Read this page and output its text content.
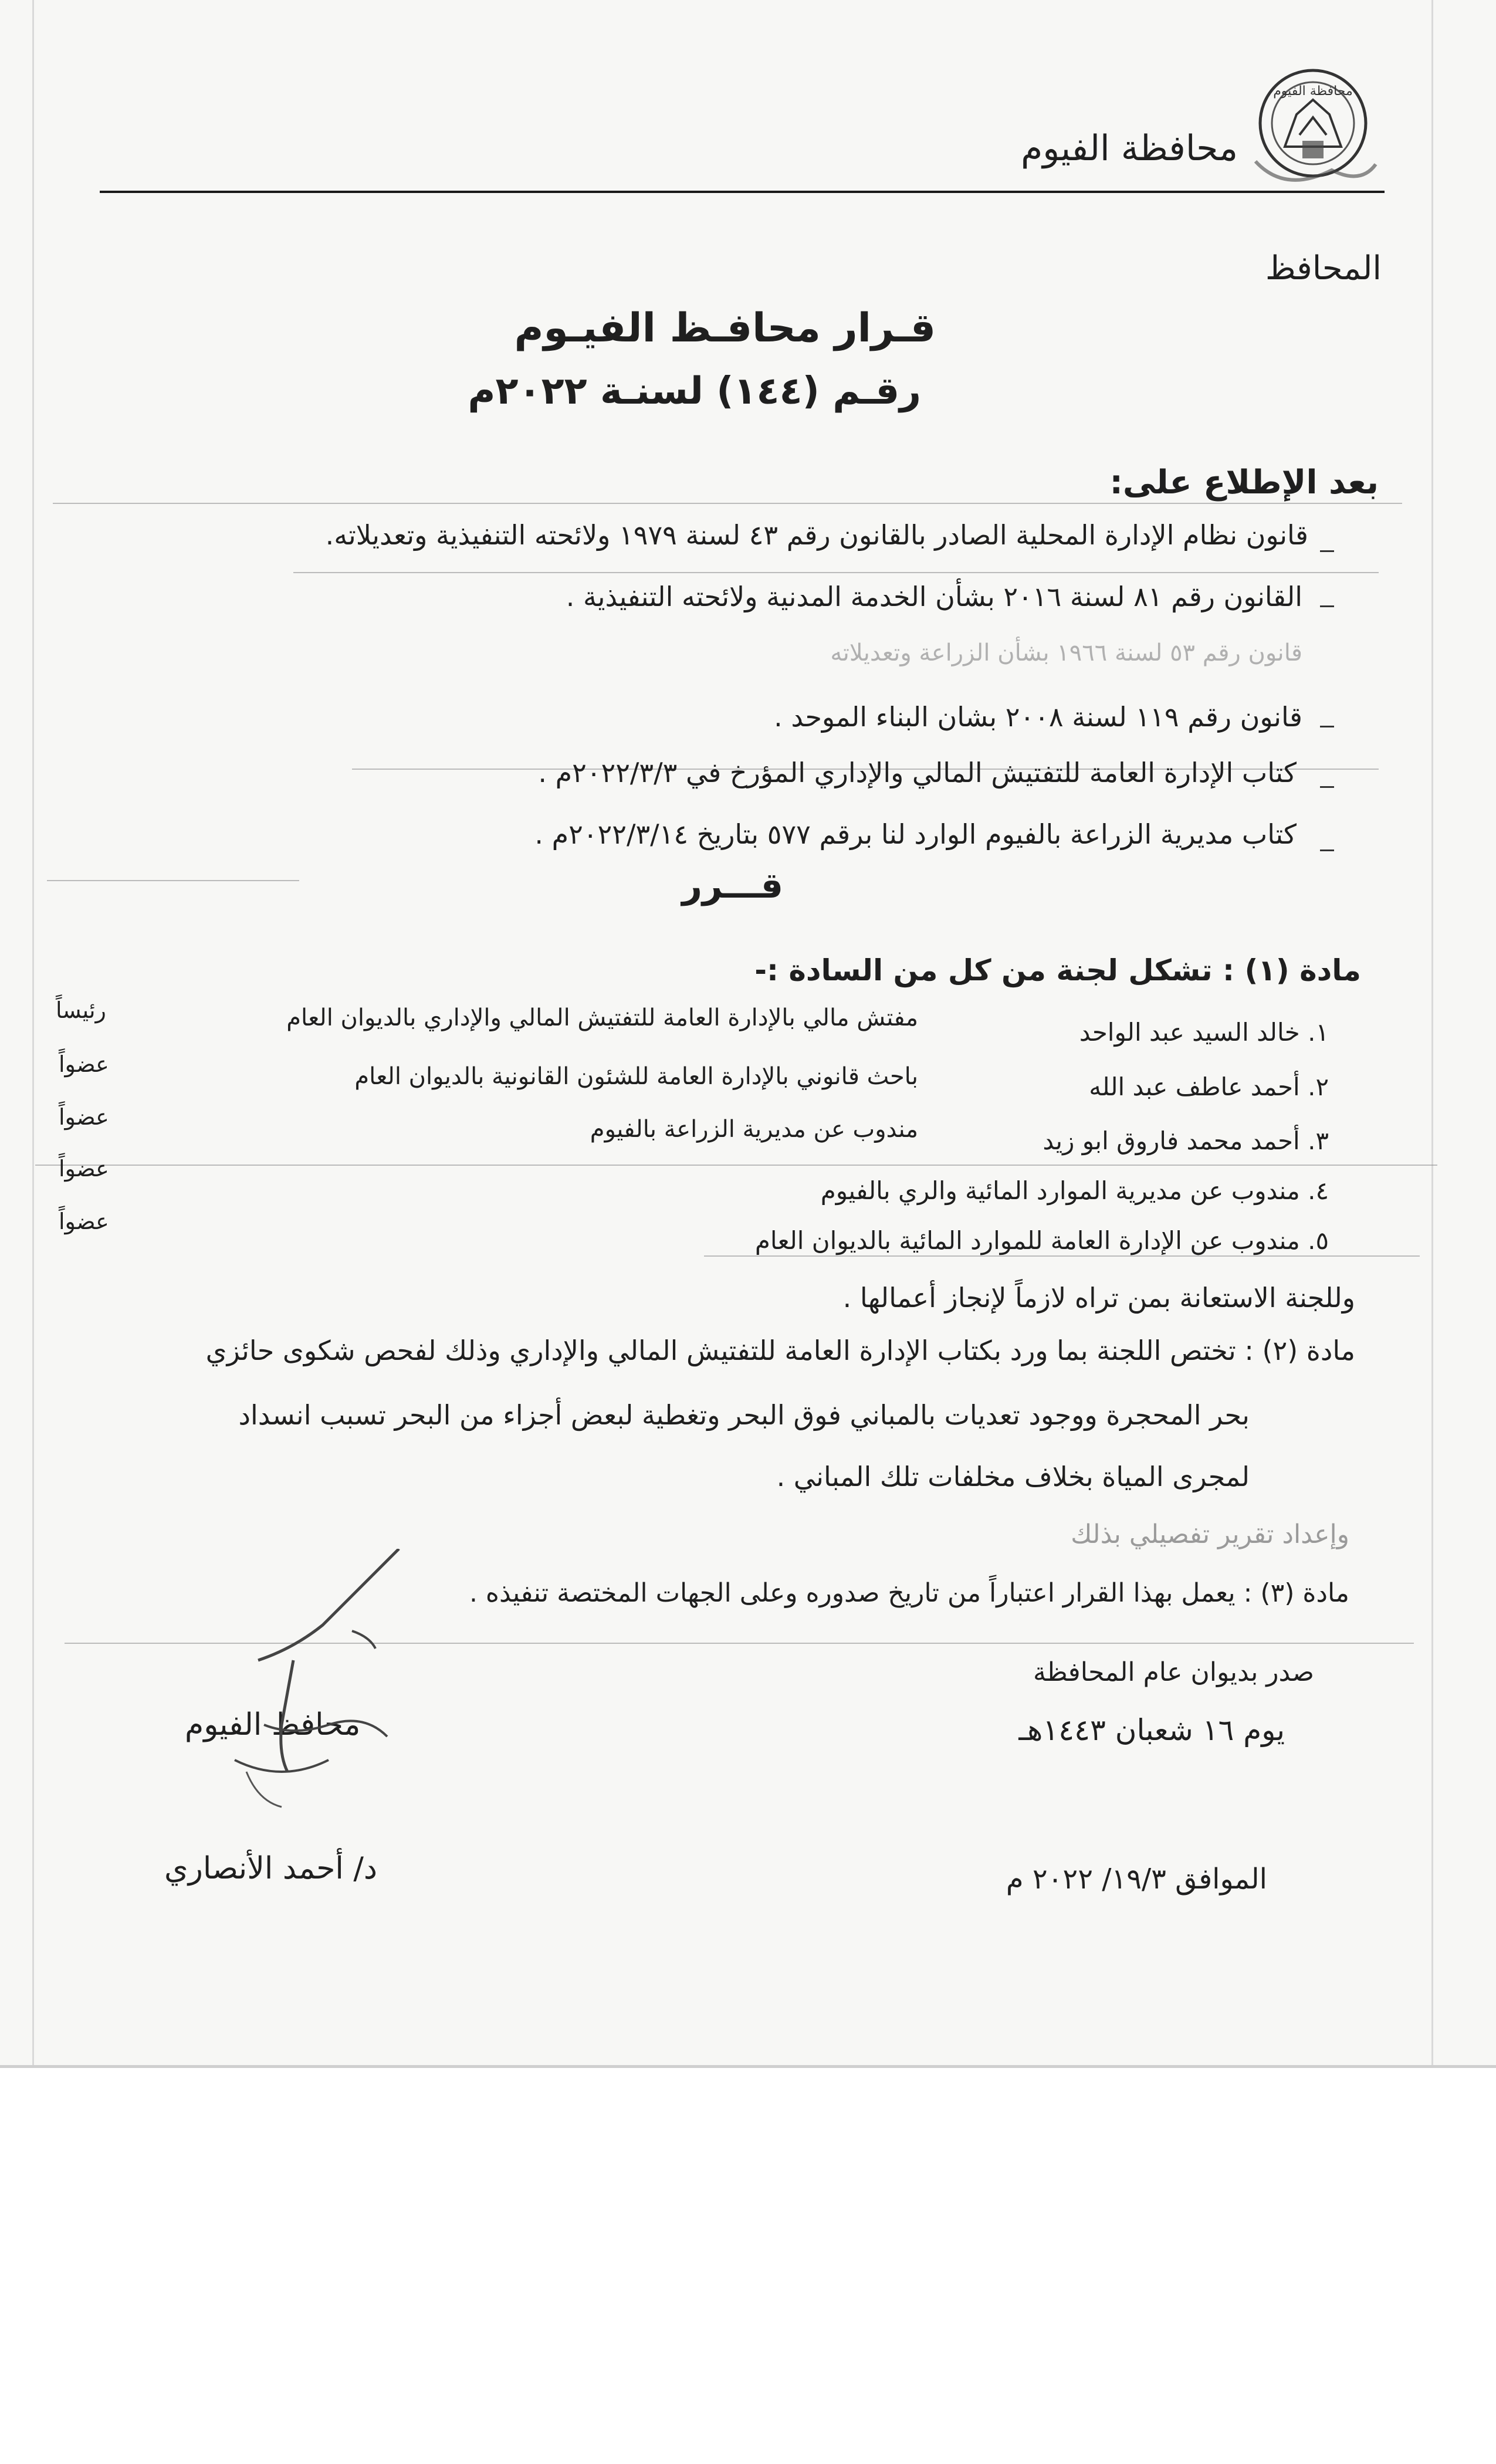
محافظة الفيوم
محافظة الفيوم
المحافظ
قـرار محافـظ الفيـوم
رقـم (١٤٤) لسنـة ٢٠٢٢م
بعد الإطلاع على:
قانون نظام الإدارة المحلية الصادر بالقانون رقم ٤٣ لسنة ١٩٧٩ ولائحته التنفيذية وتعديلاته.
القانون رقم ٨١ لسنة ٢٠١٦ بشأن الخدمة المدنية ولائحته التنفيذية .
قانون رقم ٥٣ لسنة ١٩٦٦ بشأن الزراعة وتعديلاته
قانون رقم ١١٩ لسنة ٢٠٠٨ بشان البناء الموحد .
كتاب الإدارة العامة للتفتيش المالي والإداري المؤرخ في ٢٠٢٢/٣/٣م .
كتاب مديرية الزراعة بالفيوم الوارد لنا برقم ٥٧٧ بتاريخ ٢٠٢٢/٣/١٤م .
قـــرر
مادة (١) : تشكل لجنة من كل من السادة :-
١. خالد السيد عبد الواحد
مفتش مالي بالإدارة العامة للتفتيش المالي والإداري بالديوان العام
رئيساً
٢. أحمد عاطف عبد الله
باحث قانوني بالإدارة العامة للشئون القانونية بالديوان العام
عضواً
٣. أحمد محمد فاروق ابو زيد
مندوب عن مديرية الزراعة بالفيوم
عضواً
٤. مندوب عن مديرية الموارد المائية والري بالفيوم
عضواً
٥. مندوب عن الإدارة العامة للموارد المائية بالديوان العام
عضواً
وللجنة الاستعانة بمن تراه لازماً لإنجاز أعمالها .
مادة (٢) : تختص اللجنة بما ورد بكتاب الإدارة العامة للتفتيش المالي والإداري وذلك لفحص شكوى حائزي
بحر المحجرة ووجود تعديات بالمباني فوق البحر وتغطية لبعض أجزاء من البحر تسبب انسداد
لمجرى المياة بخلاف مخلفات تلك المباني .
وإعداد تقرير تفصيلي بذلك
مادة (٣) : يعمل بهذا القرار اعتباراً من تاريخ صدوره وعلى الجهات المختصة تنفيذه .
صدر بديوان عام المحافظة
يوم ١٦ شعبان ١٤٤٣هـ
الموافق ١٩/٣/ ٢٠٢٢ م
محافظ الفيوم
د/ أحمد الأنصاري
